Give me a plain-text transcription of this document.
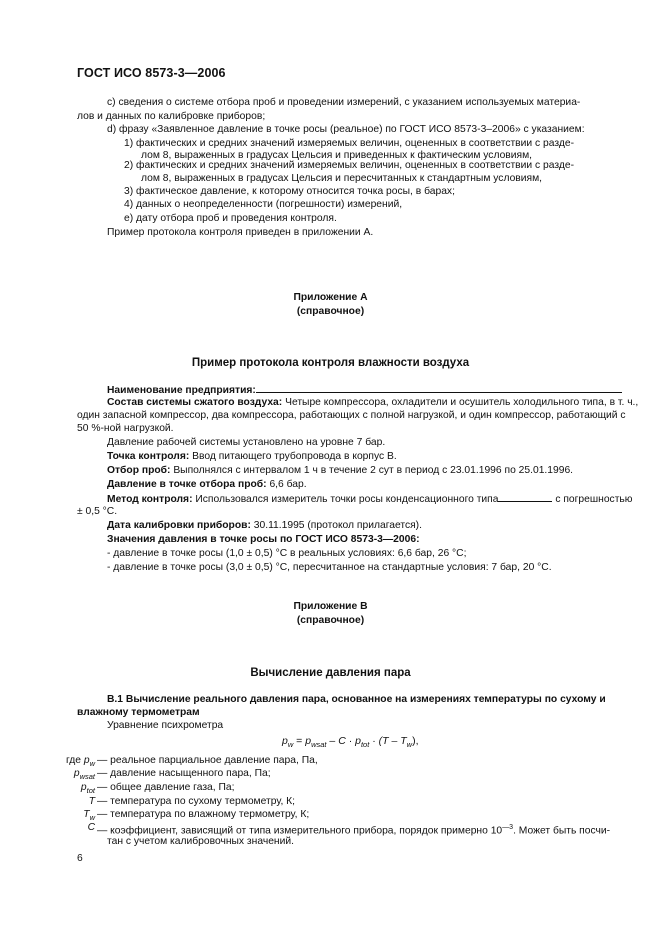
ГОСТ ИСО 8573-3—2006
c) сведения о системе отбора проб и проведении измерений, с указанием используемых материа-
лов и данных по калибровке приборов;
d) фразу «Заявленное давление в точке росы (реальное) по ГОСТ ИСО 8573-3–2006» с указанием:
1) фактических и средних значений измеряемых величин, оцененных в соответствии с разде-
лом 8, выраженных в градусах Цельсия и приведенных к фактическим условиям,
2) фактических и средних значений измеряемых величин, оцененных в соответствии с разде-
лом 8, выраженных в градусах Цельсия и пересчитанных к стандартным условиям,
3) фактическое давление, к которому относится точка росы, в барах;
4) данных о неопределенности (погрешности) измерений,
e) дату отбора проб и проведения контроля.
Пример протокола контроля приведен в приложении А.
Приложение А
(справочное)
Пример протокола контроля влажности воздуха
Наименование предприятия:
Состав системы сжатого воздуха: Четыре компрессора, охладители и осушитель холодильного типа, в т. ч.,
один запасной компрессор, два компрессора, работающих с полной нагрузкой, и один компрессор, работающий с
50 %-ной нагрузкой.
Давление рабочей системы установлено на уровне 7 бар.
Точка контроля: Ввод питающего трубопровода в корпус В.
Отбор проб: Выполнялся с интервалом 1 ч в течение 2 сут в период с 23.01.1996 по 25.01.1996.
Давление в точке отбора проб: 6,6 бар.
Метод контроля: Использовался измеритель точки росы конденсационного типа	с погрешностью
± 0,5 °С.
Дата калибровки приборов: 30.11.1995 (протокол прилагается).
Значения давления в точке росы по ГОСТ ИСО 8573-3—2006:
- давление в точке росы (1,0 ± 0,5) °С в реальных условиях: 6,6 бар, 26 °С;
- давление в точке росы (3,0 ± 0,5) °С, пересчитанное на стандартные условия: 7 бар, 20 °С.
Приложение В
(справочное)
Вычисление давления пара
В.1 Вычисление реального давления пара, основанное на измерениях температуры по сухому и
влажному термометрам
Уравнение психрометра
$p_w = p_{wsat} - C \cdot p_{tot} \cdot (T - T_w)$,
где $p_w$ — реальное парциальное давление пара, Па,
$p_{wsat}$ — давление насыщенного пара, Па;
$p_{tot}$ — общее давление газа, Па;
T — температура по сухому термометру, К;
$T_w$ — температура по влажному термометру, К;
C — коэффициент, зависящий от типа измерительного прибора, порядок примерно $10^{—3}$. Может быть посчи-
тан с учетом калибровочных значений.
6
